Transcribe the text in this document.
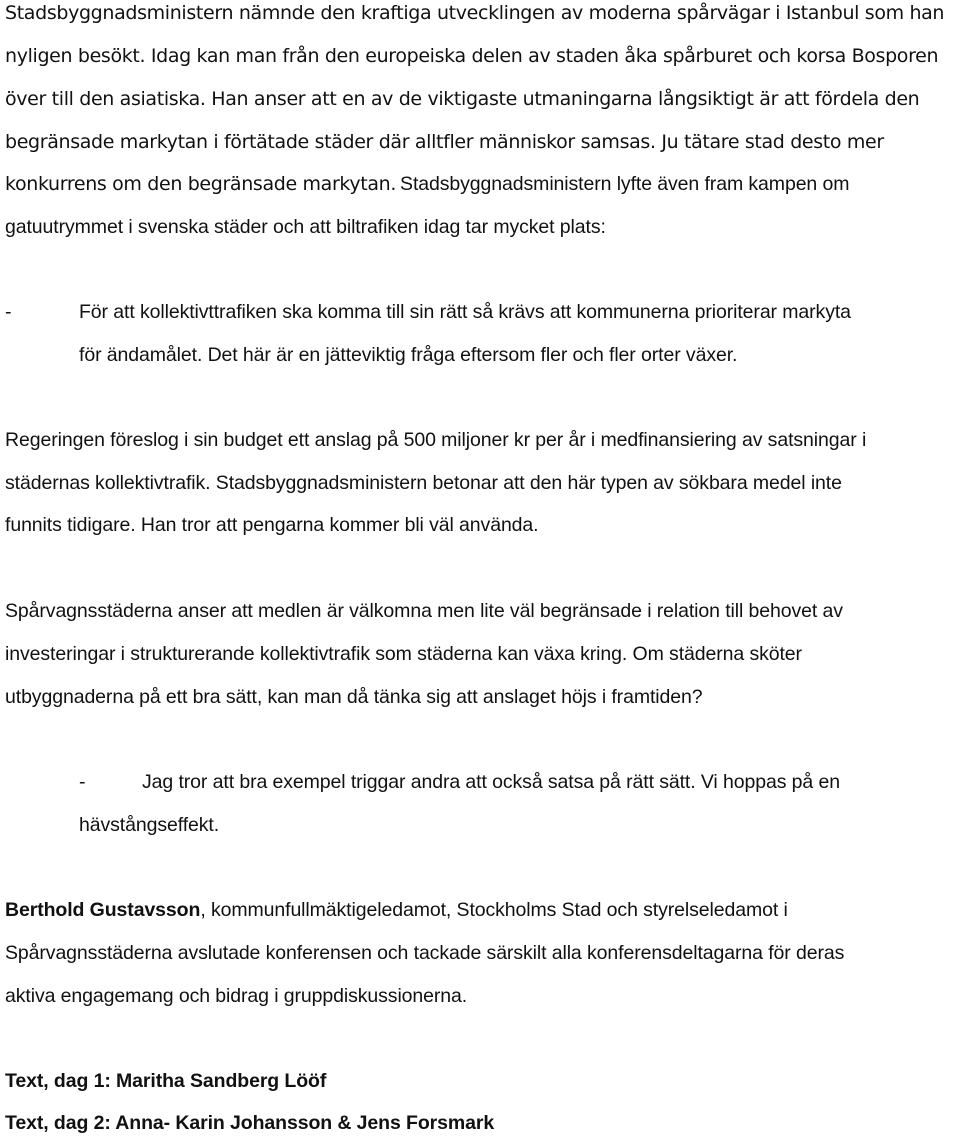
Stadsbyggnadsministern nämnde den kraftiga utvecklingen av moderna spårvägar i Istanbul som han
nyligen besökt. Idag kan man från den europeiska delen av staden åka spårburet och korsa Bosporen
över till den asiatiska. Han anser att en av de viktigaste utmaningarna långsiktigt är att fördela den
begränsade markytan i förtätade städer där alltfler människor samsas. Ju tätare stad desto mer
konkurrens om den begränsade markytan. Stadsbyggnadsministern lyfte även fram kampen om
gatuutrymmet i svenska städer och att biltrafiken idag tar mycket plats:
-	För att kollektivttrafiken ska komma till sin rätt så krävs att kommunerna prioriterar markyta
för ändamålet. Det här är en jätteviktig fråga eftersom fler och fler orter växer.
Regeringen föreslog i sin budget ett anslag på 500 miljoner kr per år i medfinansiering av satsningar i
städernas kollektivtrafik. Stadsbyggnadsministern betonar att den här typen av sökbara medel inte
funnits tidigare. Han tror att pengarna kommer bli väl använda.
Spårvagnsstäderna anser att medlen är välkomna men lite väl begränsade i relation till behovet av
investeringar i strukturerande kollektivtrafik som städerna kan växa kring. Om städerna sköter
utbyggnaderna på ett bra sätt, kan man då tänka sig att anslaget höjs i framtiden?
-	Jag tror att bra exempel triggar andra att också satsa på rätt sätt. Vi hoppas på en
hävstångseffekt.
Berthold Gustavsson, kommunfullmäktigeledamot, Stockholms Stad och styrelseledamot i
Spårvagnsstäderna avslutade konferensen och tackade särskilt alla konferensdeltagarna för deras
aktiva engagemang och bidrag i gruppdiskussionerna.
Text, dag 1: Maritha Sandberg Lööf
Text, dag 2: Anna- Karin Johansson & Jens Forsmark
